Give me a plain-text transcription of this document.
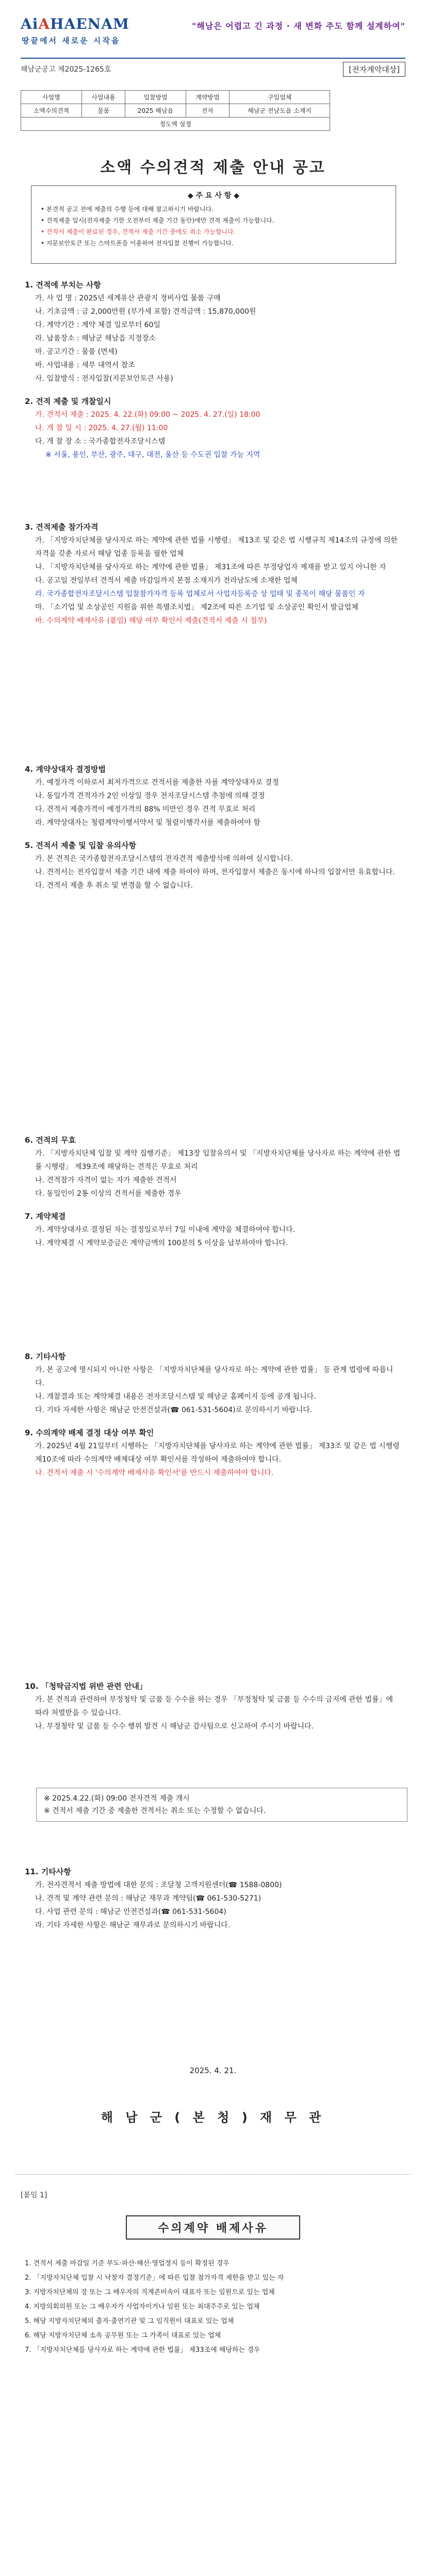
AiAHAENAM
땅끝에서 새로운 시작을
"해남은 어렵고 긴 과정 · 새 변화 주도 함께 설계하여"
해남군공고 제2025-1265호	[전자계약대상]
사업명	사업내용	입찰방법	계약방법	구입업체
소액수의견적	물품	2025 해남읍	전자	해남군 전남도읍 소재지
정도액 설정				
소액 수의견적 제출 안내 공고
◆ 주 요 사 항 ◆
• 본견적 공고 전에 제출의 수행 등에 대해 참고하시기 바랍니다.
• 견적제출 일시(전자제출 기한 오전부터 제출 기간 동안)에만 견적 제출이 가능합니다.
• 견적서 제출이 완료된 경우, 견적서 제출 기간 중에도 취소 가능합니다.
• 지문보안토큰 또는 스마트폰을 이용하여 전자입찰 진행이 가능합니다.

1. 견적에 부치는 사항

가. 사 업 명 : 2025년 세계유산 관광지 정비사업 물품 구매

나. 기초금액 : 금 2,000만원 (부가세 포함) 견적금액 : 15,870,000원

다. 계약기간 : 계약 체결 일로부터 60일

라. 납품장소 : 해남군 해남읍 지정장소

마. 공고기간 : 물품 (면세)

바. 사업내용 : 세부 내역서 참조

사. 입찰방식 : 전자입찰(지문보안토큰 사용)

2. 견적 제출 및 개찰일시

가. 견적서 제출 : 2025. 4. 22.(화) 09:00 ~ 2025. 4. 27.(일) 18:00

나. 개 찰 일 시 : 2025. 4. 27.(월) 11:00

다. 개 찰 장 소 : 국가종합전자조달시스템

※ 서울, 용인, 부산, 광주, 대구, 대전, 울산 등 수도권 입찰 가능 지역

3. 견적제출 참가자격

가. 「지방자치단체를 당사자로 하는 계약에 관한 법률 시행령」 제13조 및 같은 법 시행규칙 제14조의 규정에 의한 자격을 갖춘 자로서 해당 업종 등록을 필한 업체

나. 「지방자치단체를 당사자로 하는 계약에 관한 법률」 제31조에 따른 부정당업자 제재를 받고 있지 아니한 자

다. 공고일 전일부터 견적서 제출 마감일까지 본점 소재지가 전라남도에 소재한 업체

라. 국가종합전자조달시스템 입찰참가자격 등록 업체로서 사업자등록증 상 업태 및 종목이 해당 물품인 자

마. 「소기업 및 소상공인 지원을 위한 특별조치법」 제2조에 따른 소기업 및 소상공인 확인서 발급업체

바. 수의계약 배제사유 (붙임) 해당 여부 확인서 제출(견적서 제출 시 첨부)

4. 계약상대자 결정방법

가. 예정가격 이하로서 최저가격으로 견적서를 제출한 자를 계약상대자로 결정

나. 동일가격 견적자가 2인 이상일 경우 전자조달시스템 추첨에 의해 결정

다. 견적서 제출가격이 예정가격의 88% 미만인 경우 견적 무효로 처리

라. 계약상대자는 청렴계약이행서약서 및 청렴이행각서를 제출하여야 함

5. 견적서 제출 및 입찰 유의사항

가. 본 견적은 국가종합전자조달시스템의 전자견적 제출방식에 의하여 실시합니다.

나. 견적서는 전자입찰서 제출 기간 내에 제출 하여야 하며, 전자입찰서 제출은 동시에 하나의 입찰서만 유효합니다.

다. 견적서 제출 후 취소 및 변경을 할 수 없습니다.

6. 견적의 무효

가. 「지방자치단체 입찰 및 계약 집행기준」 제13장 입찰유의서 및 「지방자치단체를 당사자로 하는 계약에 관한 법률 시행령」 제39조에 해당하는 견적은 무효로 처리

나. 견적참가 자격이 없는 자가 제출한 견적서

다. 동일인이 2통 이상의 견적서를 제출한 경우

7. 계약체결

가. 계약상대자로 결정된 자는 결정일로부터 7일 이내에 계약을 체결하여야 합니다.

나. 계약체결 시 계약보증금은 계약금액의 100분의 5 이상을 납부하여야 합니다.

8. 기타사항

가. 본 공고에 명시되지 아니한 사항은 「지방자치단체를 당사자로 하는 계약에 관한 법률」 등 관계 법령에 따릅니다.

나. 개찰결과 또는 계약체결 내용은 전자조달시스템 및 해남군 홈페이지 등에 공개 됩니다.

다. 기타 자세한 사항은 해남군 안전건설과(☎ 061-531-5604)로 문의하시기 바랍니다.

9. 수의계약 배제 결정 대상 여부 확인

가. 2025년 4월 21일부터 시행하는 「지방자치단체를 당사자로 하는 계약에 관한 법률」 제33조 및 같은 법 시행령 제10조에 따라 수의계약 배제대상 여부 확인서를 작성하여 제출하여야 합니다.

나. 견적서 제출 시 '수의계약 배제사유 확인서'를 반드시 제출하여야 합니다.

10. 「청탁금지법 위반 관련 안내」

가. 본 견적과 관련하여 부정청탁 및 금품 등 수수를 하는 경우 「부정청탁 및 금품 등 수수의 금지에 관한 법률」에 따라 처벌받을 수 있습니다.

나. 부정청탁 및 금품 등 수수 행위 발견 시 해남군 감사팀으로 신고하여 주시기 바랍니다.

※ 2025.4.22.(화) 09:00 전자견적 제출 개시
※ 견적서 제출 기간 중 제출한 견적서는 취소 또는 수정할 수 없습니다.

11. 기타사항

가. 전자견적서 제출 방법에 대한 문의 : 조달청 고객지원센터(☎ 1588-0800)

나. 견적 및 계약 관련 문의 : 해남군 재무과 계약팀(☎ 061-530-5271)

다. 사업 관련 문의 : 해남군 안전건설과(☎ 061-531-5604)

라. 기타 자세한 사항은 해남군 재무과로 문의하시기 바랍니다.

2025. 4. 21.
해 남 군 ( 본 청 ) 재 무 관
[붙임 1]
수의계약 배제사유

1. 견적서 제출 마감일 기준 부도·파산·해산·영업정지 등이 확정된 경우

2. 「지방자치단체 입찰 시 낙찰자 결정기준」에 따른 입찰 참가자격 제한을 받고 있는 자

3. 지방자치단체의 장 또는 그 배우자의 직계존비속이 대표자 또는 임원으로 있는 업체

4. 지방의회의원 또는 그 배우자가 사업자이거나 임원 또는 최대주주로 있는 업체

5. 해당 지방자치단체의 출자·출연기관 및 그 임직원이 대표로 있는 업체

6. 해당 지방자치단체 소속 공무원 또는 그 가족이 대표로 있는 업체

7. 「지방자치단체를 당사자로 하는 계약에 관한 법률」 제33조에 해당하는 경우
